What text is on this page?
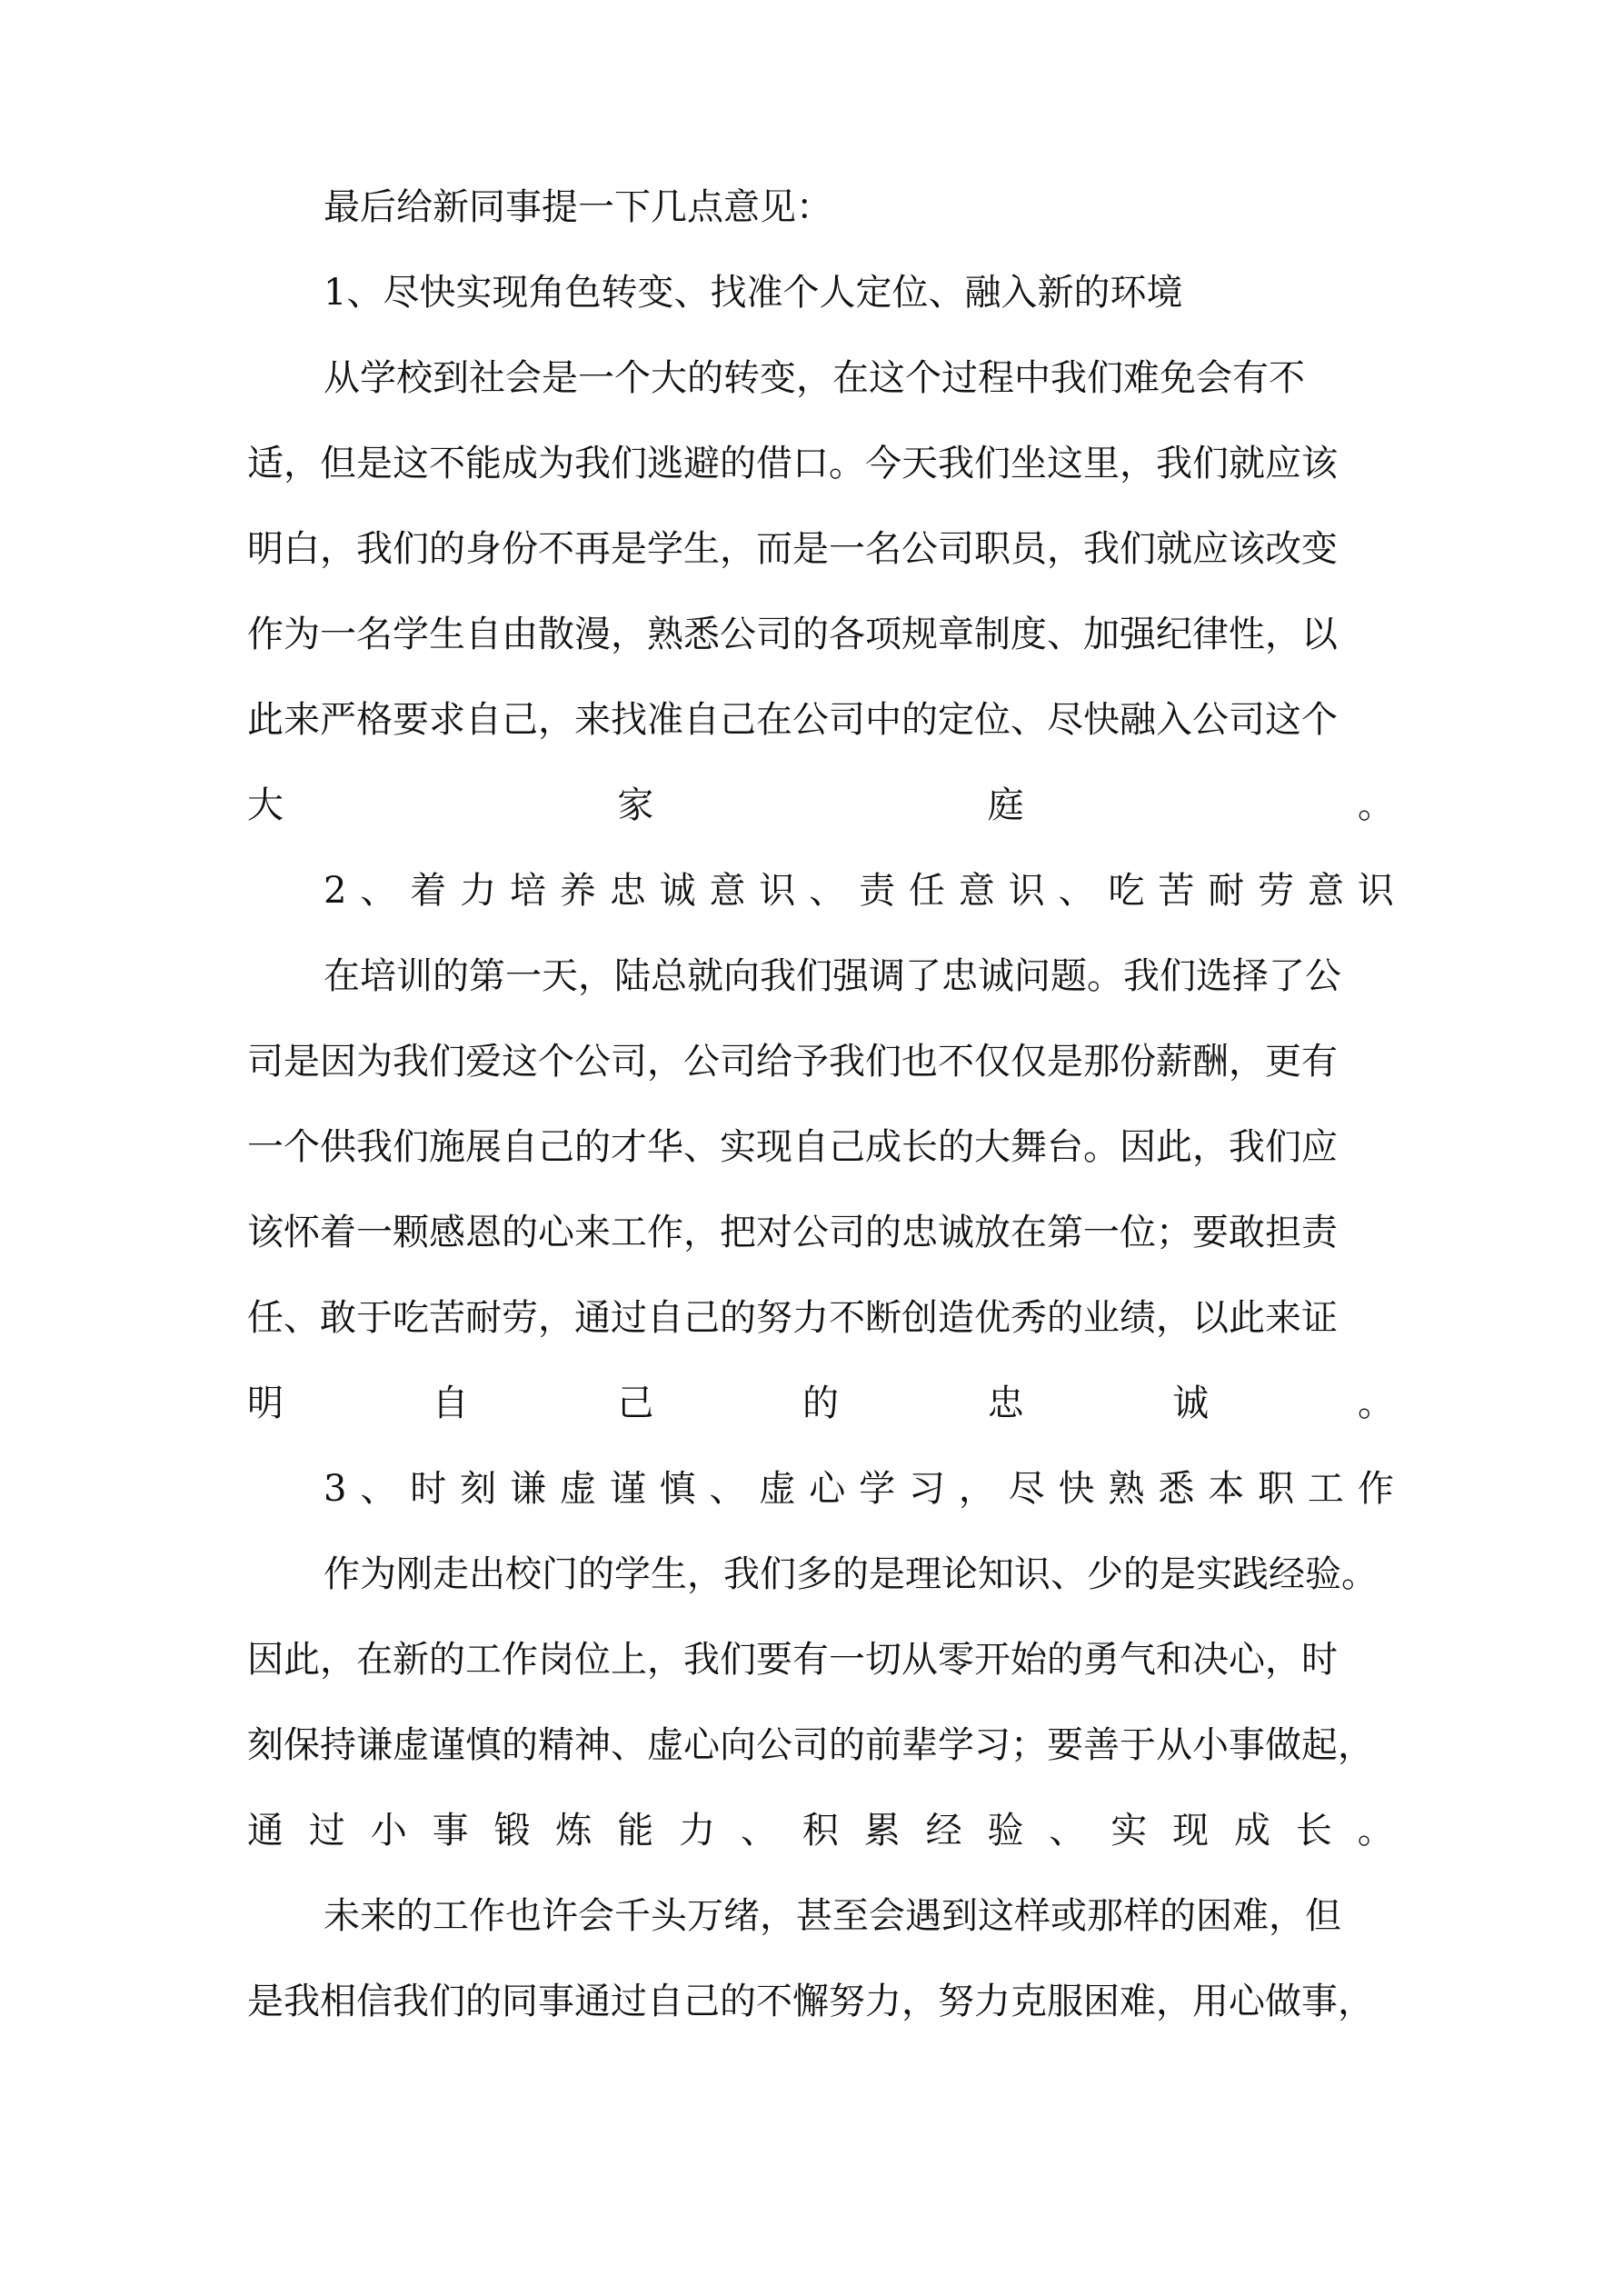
最后给新同事提一下几点意见：
1、尽快实现角色转变、找准个人定位、融入新的环境
从学校到社会是一个大的转变，在这个过程中我们难免会有不
适，但是这不能成为我们逃避的借口。今天我们坐这里，我们就应该
明白，我们的身份不再是学生，而是一名公司职员，我们就应该改变
作为一名学生自由散漫，熟悉公司的各项规章制度、加强纪律性，以
此来严格要求自己，来找准自己在公司中的定位、尽快融入公司这个
大	家	庭	。
2 、 着 力 培 养 忠 诚 意 识 、 责 任 意 识 、 吃 苦 耐 劳 意 识
在培训的第一天，陆总就向我们强调了忠诚问题。我们选择了公
司是因为我们爱这个公司，公司给予我们也不仅仅是那份薪酬，更有
一个供我们施展自己的才华、实现自己成长的大舞台。因此，我们应
该怀着一颗感恩的心来工作，把对公司的忠诚放在第一位；要敢担责
任、敢于吃苦耐劳，通过自己的努力不断创造优秀的业绩，以此来证
明	自	己	的	忠	诚	。
3 、 时 刻 谦 虚 谨 慎 、 虚 心 学 习 ， 尽 快 熟 悉 本 职 工 作
作为刚走出校门的学生，我们多的是理论知识、少的是实践经验。
因此，在新的工作岗位上，我们要有一切从零开始的勇气和决心，时
刻保持谦虚谨慎的精神、虚心向公司的前辈学习；要善于从小事做起，
通 过 小 事 锻 炼 能 力 、 积 累 经 验 、 实 现 成 长 。
未来的工作也许会千头万绪，甚至会遇到这样或那样的困难，但
是我相信我们的同事通过自己的不懈努力，努力克服困难，用心做事，
